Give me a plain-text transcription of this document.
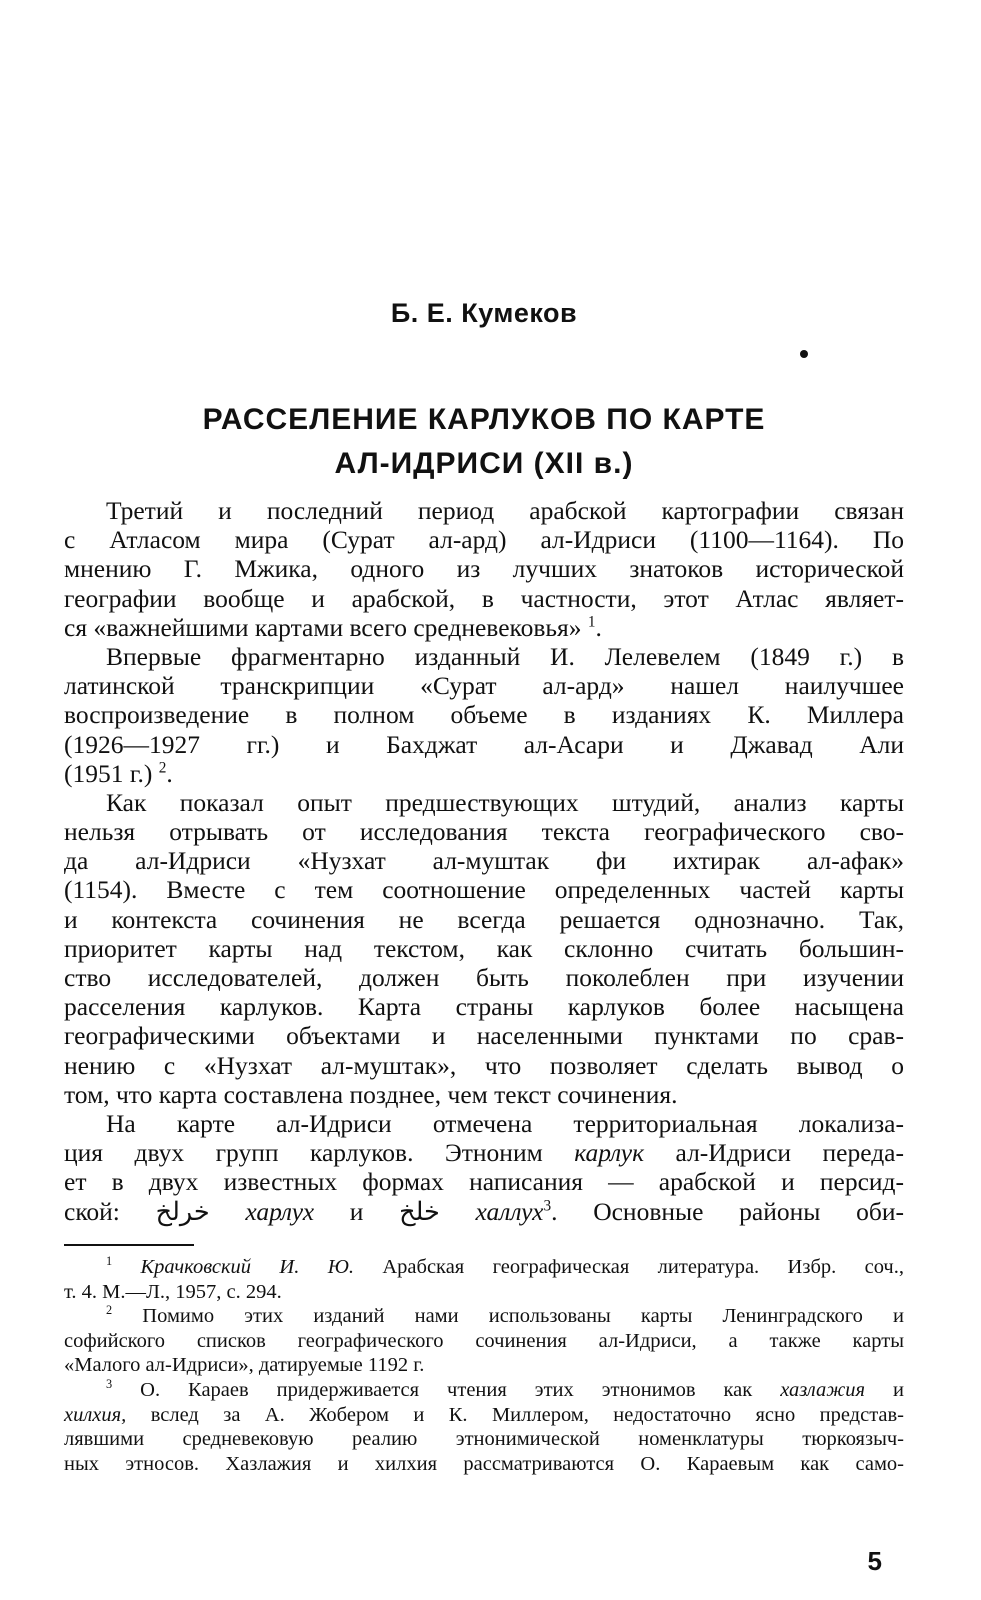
Б. Е. Кумеков
РАССЕЛЕНИЕ КАРЛУКОВ ПО КАРТЕ
АЛ-ИДРИСИ (XII в.)
Третий и последний период арабской картографии связан
с Атласом мира (Сурат ал-ард) ал-Идриси (1100—1164). По
мнению Г. Мжика, одного из лучших знатоков исторической
географии вообще и арабской, в частности, этот Атлас являет-
ся «важнейшими картами всего средневековья» $^1$.
Впервые фрагментарно изданный И. Лелевелем (1849 г.) в
латинской транскрипции «Сурат ал-ард» нашел наилучшее
воспроизведение в полном объеме в изданиях К. Миллера
(1926—1927 гг.) и Бахджат ал-Асари и Джавад Али
(1951 г.) $^2$.
Как показал опыт предшествующих штудий, анализ карты
нельзя отрывать от исследования текста географического сво-
да ал-Идриси «Нузхат ал-муштак фи ихтирак ал-афак»
(1154). Вместе с тем соотношение определенных частей карты
и контекста сочинения не всегда решается однозначно. Так,
приоритет карты над текстом, как склонно считать большин-
ство исследователей, должен быть поколеблен при изучении
расселения карлуков. Карта страны карлуков более насыщена
географическими объектами и населенными пунктами по срав-
нению с «Нузхат ал-муштак», что позволяет сделать вывод о
том, что карта составлена позднее, чем текст сочинения.
На карте ал-Идриси отмечена территориальная локализа-
ция двух групп карлуков. Этноним карлук ал-Идриси переда-
ет в двух известных формах написания — арабской и персид-
ской: خرلخ харлух и خلخ халлух$^3$. Основные районы оби-
$^1$ Крачковский И. Ю. Арабская географическая литература. Избр. соч.,
т. 4. М.—Л., 1957, с. 294.
$^2$ Помимо этих изданий нами использованы карты Ленинградского и
софийского списков географического сочинения ал-Идриси, а также карты
«Малого ал-Идриси», датируемые 1192 г.
$^3$ О. Караев придерживается чтения этих этнонимов как хазлажия и
хилхия, вслед за А. Жобером и К. Миллером, недостаточно ясно представ-
лявшими средневековую реалию этнонимической номенклатуры тюркоязыч-
ных этносов. Хазлажия и хилхия рассматриваются О. Караевым как само-
5
